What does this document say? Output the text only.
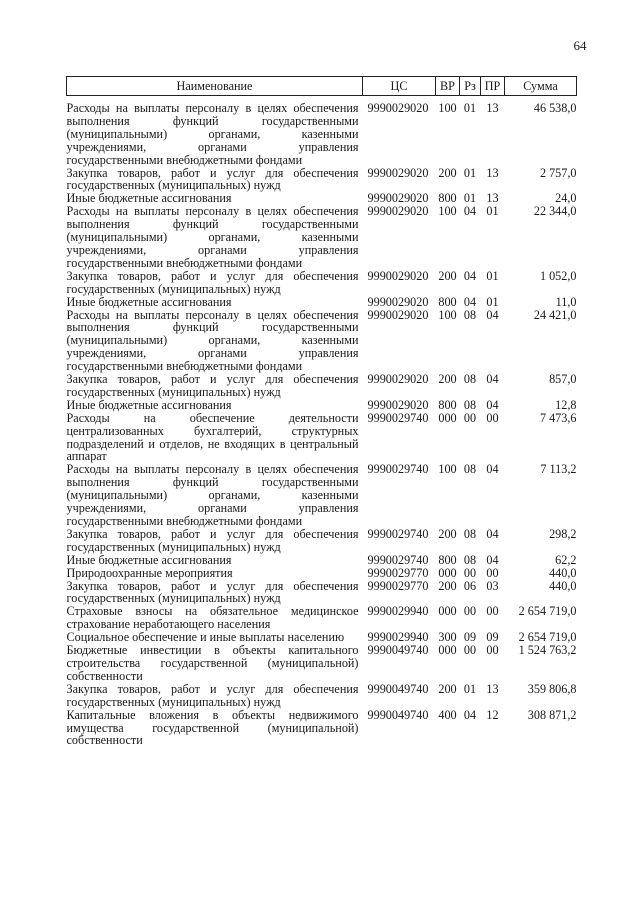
64
Наименование	ЦС	ВР	Рз	ПР	Сумма

Расходы на выплаты персоналу в целях обеспечения выполнения функций государственными (муниципальными) органами, казенными учреждениями, органами управления государственными внебюджетными фондами	9990029020	100	01	13	46 538,0
Закупка товаров, работ и услуг для обеспечения государственных (муниципальных) нужд	9990029020	200	01	13	2 757,0
Иные бюджетные ассигнования	9990029020	800	01	13	24,0
Расходы на выплаты персоналу в целях обеспечения выполнения функций государственными (муниципальными) органами, казенными учреждениями, органами управления государственными внебюджетными фондами	9990029020	100	04	01	22 344,0
Закупка товаров, работ и услуг для обеспечения государственных (муниципальных) нужд	9990029020	200	04	01	1 052,0
Иные бюджетные ассигнования	9990029020	800	04	01	11,0
Расходы на выплаты персоналу в целях обеспечения выполнения функций государственными (муниципальными) органами, казенными учреждениями, органами управления государственными внебюджетными фондами	9990029020	100	08	04	24 421,0
Закупка товаров, работ и услуг для обеспечения государственных (муниципальных) нужд	9990029020	200	08	04	857,0
Иные бюджетные ассигнования	9990029020	800	08	04	12,8
Расходы на обеспечение деятельности централизованных бухгалтерий, структурных подразделений и отделов, не входящих в центральный аппарат	9990029740	000	00	00	7 473,6
Расходы на выплаты персоналу в целях обеспечения выполнения функций государственными (муниципальными) органами, казенными учреждениями, органами управления государственными внебюджетными фондами	9990029740	100	08	04	7 113,2
Закупка товаров, работ и услуг для обеспечения государственных (муниципальных) нужд	9990029740	200	08	04	298,2
Иные бюджетные ассигнования	9990029740	800	08	04	62,2
Природоохранные мероприятия	9990029770	000	00	00	440,0
Закупка товаров, работ и услуг для обеспечения государственных (муниципальных) нужд	9990029770	200	06	03	440,0
Страховые взносы на обязательное медицинское страхование неработающего населения	9990029940	000	00	00	2 654 719,0
Социальное обеспечение и иные выплаты населению	9990029940	300	09	09	2 654 719,0
Бюджетные инвестиции в объекты капитального строительства государственной (муниципальной) собственности	9990049740	000	00	00	1 524 763,2
Закупка товаров, работ и услуг для обеспечения государственных (муниципальных) нужд	9990049740	200	01	13	359 806,8
Капитальные вложения в объекты недвижимого имущества государственной (муниципальной) собственности	9990049740	400	04	12	308 871,2
